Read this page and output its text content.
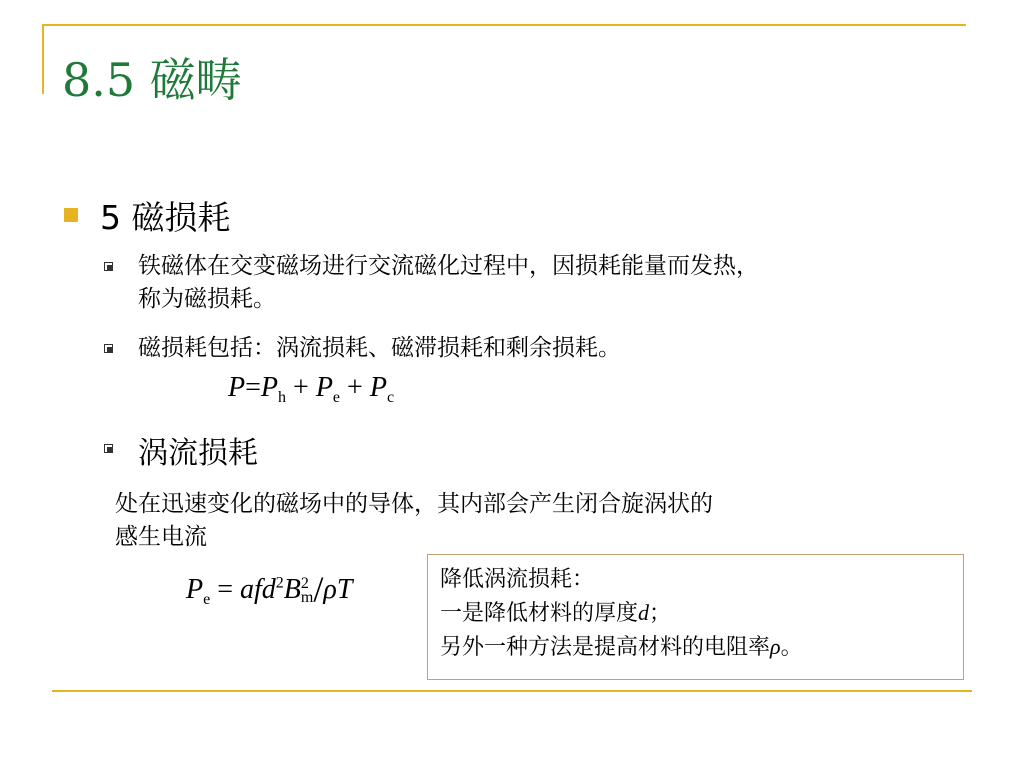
8.5 磁畴
5 磁损耗
铁磁体在交变磁场进行交流磁化过程中，因损耗能量而发热，
称为磁损耗。
磁损耗包括：涡流损耗、磁滞损耗和剩余损耗。
$P=P_h + P_e + P_c$
涡流损耗
处在迅速变化的磁场中的导体，其内部会产生闭合旋涡状的
感生电流
$P_e = afd^2B$ 2
m /ρT	降低涡流损耗：
一是降低材料的厚度d；
另外一种方法是提高材料的电阻率ρ。
